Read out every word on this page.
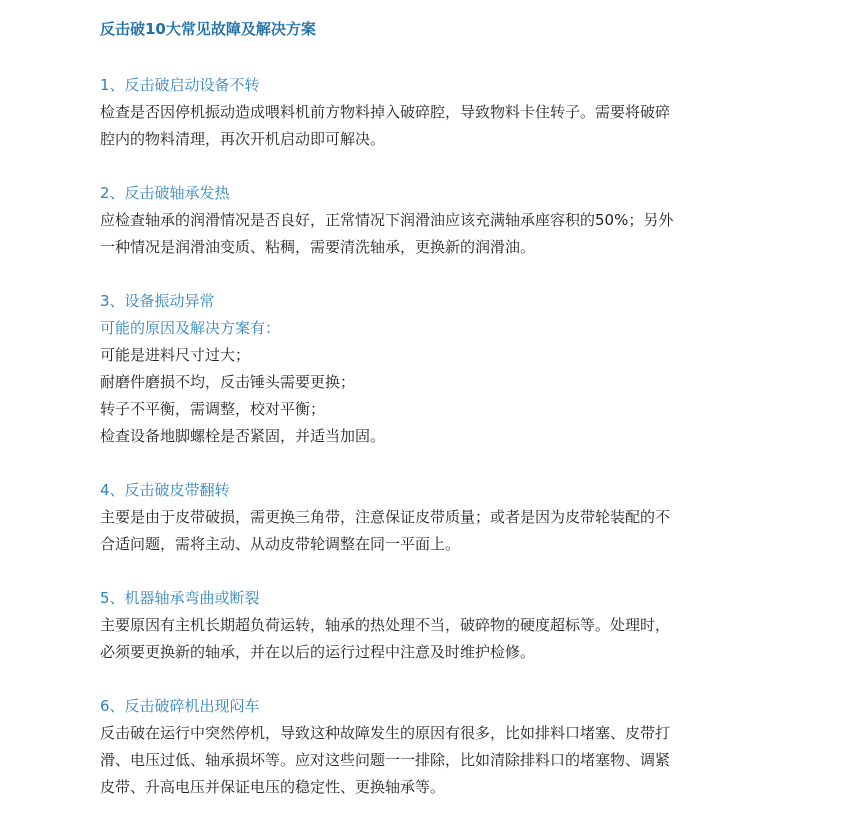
反击破10大常见故障及解决方案
1、反击破启动设备不转
检查是否因停机振动造成喂料机前方物料掉入破碎腔，导致物料卡住转子。需要将破碎
腔内的物料清理，再次开机启动即可解决。
2、反击破轴承发热
应检查轴承的润滑情况是否良好，正常情况下润滑油应该充满轴承座容积的50%；另外
一种情况是润滑油变质、粘稠，需要清洗轴承，更换新的润滑油。
3、设备振动异常
可能的原因及解决方案有：
可能是进料尺寸过大；
耐磨件磨损不均，反击锤头需要更换；
转子不平衡，需调整，校对平衡；
检查设备地脚螺栓是否紧固，并适当加固。
4、反击破皮带翻转
主要是由于皮带破损，需更换三角带，注意保证皮带质量；或者是因为皮带轮装配的不
合适问题，需将主动、从动皮带轮调整在同一平面上。
5、机器轴承弯曲或断裂
主要原因有主机长期超负荷运转，轴承的热处理不当，破碎物的硬度超标等。处理时，
必须要更换新的轴承，并在以后的运行过程中注意及时维护检修。
6、反击破碎机出现闷车
反击破在运行中突然停机，导致这种故障发生的原因有很多，比如排料口堵塞、皮带打
滑、电压过低、轴承损坏等。应对这些问题一一排除，比如清除排料口的堵塞物、调紧
皮带、升高电压并保证电压的稳定性、更换轴承等。
